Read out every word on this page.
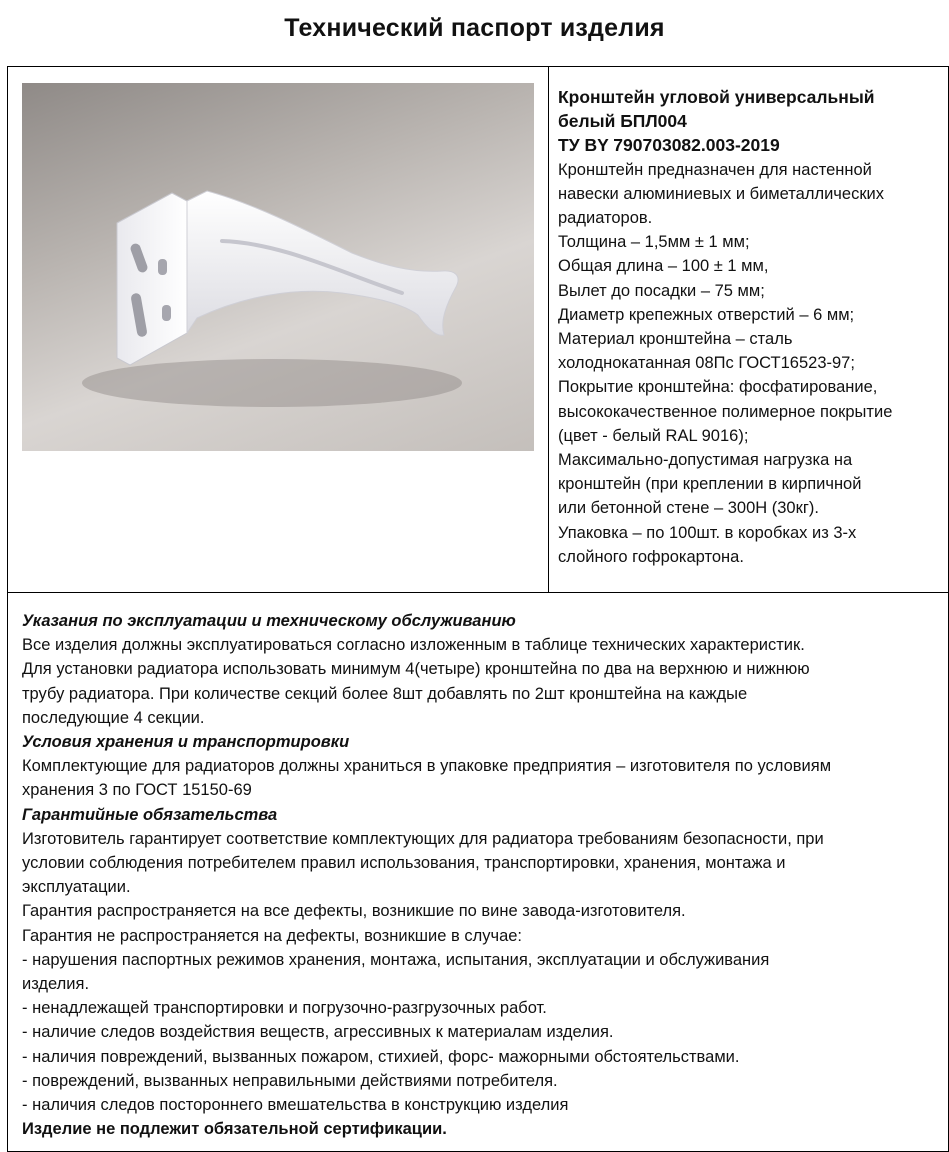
Технический паспорт изделия
Кронштейн угловой универсальный
белый БПЛ004
ТУ BY 790703082.003-2019
Кронштейн предназначен для настенной
навески алюминиевых и биметаллических
радиаторов.
Толщина – 1,5мм ± 1 мм;
Общая длина – 100 ± 1 мм,
Вылет до посадки – 75 мм;
Диаметр крепежных отверстий – 6 мм;
Материал кронштейна – сталь
холоднокатанная 08Пс ГОСТ16523-97;
Покрытие кронштейна: фосфатирование,
высококачественное полимерное покрытие
(цвет - белый RAL 9016);
Максимально-допустимая нагрузка на
кронштейн (при креплении в кирпичной
или бетонной стене – 300Н (30кг).
Упаковка – по 100шт. в коробках из 3-х
слойного гофрокартона.
Указания по эксплуатации и техническому обслуживанию
Все изделия должны эксплуатироваться согласно изложенным в таблице технических характеристик.
Для установки радиатора использовать минимум 4(четыре) кронштейна по два на верхнюю и нижнюю
трубу радиатора. При количестве секций более 8шт добавлять по 2шт кронштейна на каждые
последующие 4 секции.
Условия хранения и транспортировки
Комплектующие для радиаторов должны храниться в упаковке предприятия – изготовителя по условиям
хранения 3 по ГОСТ 15150-69
Гарантийные обязательства
Изготовитель гарантирует соответствие комплектующих для радиатора требованиям безопасности, при
условии соблюдения потребителем правил использования, транспортировки, хранения, монтажа и
эксплуатации.
Гарантия распространяется на все дефекты, возникшие по вине завода-изготовителя.
Гарантия не распространяется на дефекты, возникшие в случае:
- нарушения паспортных режимов хранения, монтажа, испытания, эксплуатации и обслуживания
изделия.
- ненадлежащей транспортировки и погрузочно-разгрузочных работ.
- наличие следов воздействия веществ, агрессивных к материалам изделия.
- наличия повреждений, вызванных пожаром, стихией, форс- мажорными обстоятельствами.
- повреждений, вызванных неправильными действиями потребителя.
- наличия следов постороннего вмешательства в конструкцию изделия
Изделие не подлежит обязательной сертификации.
